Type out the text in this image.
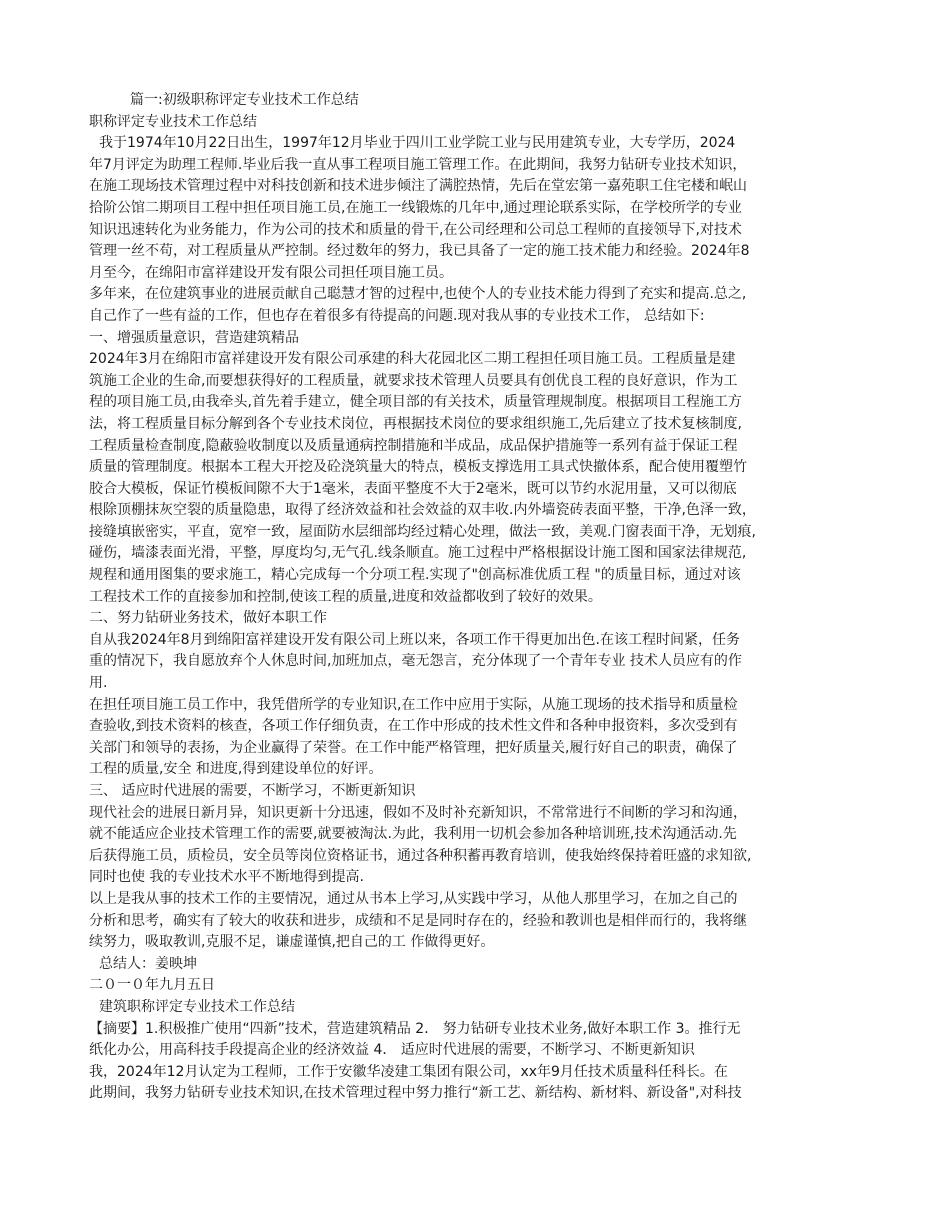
篇一:初级职称评定专业技术工作总结
职称评定专业技术工作总结
我于1974年10月22日出生，1997年12月毕业于四川工业学院工业与民用建筑专业，大专学历，2024
年7月评定为助理工程师.毕业后我一直从事工程项目施工管理工作。在此期间，我努力钻研专业技术知识，
在施工现场技术管理过程中对科技创新和技术进步倾注了满腔热情，先后在堂宏第一嘉苑职工住宅楼和岷山
拾阶公馆二期项目工程中担任项目施工员,在施工一线锻炼的几年中,通过理论联系实际，在学校所学的专业
知识迅速转化为业务能力，作为公司的技术和质量的骨干,在公司经理和公司总工程师的直接领导下,对技术
管理一丝不苟，对工程质量从严控制。经过数年的努力，我已具备了一定的施工技术能力和经验。2024年8
月至今，在绵阳市富祥建设开发有限公司担任项目施工员。
多年来，在位建筑事业的进展贡献自己聪慧才智的过程中,也使个人的专业技术能力得到了充实和提高.总之,
自己作了一些有益的工作，但也存在着很多有待提高的问题.现对我从事的专业技术工作， 总结如下:
一、增强质量意识，营造建筑精品
2024年3月在绵阳市富祥建设开发有限公司承建的科大花园北区二期工程担任项目施工员。工程质量是建
筑施工企业的生命,而要想获得好的工程质量，就要求技术管理人员要具有创优良工程的良好意识，作为工
程的项目施工员,由我牵头,首先着手建立，健全项目部的有关技术，质量管理规制度。根据项目工程施工方
法，将工程质量目标分解到各个专业技术岗位，再根据技术岗位的要求组织施工,先后建立了技术复核制度,
工程质量检查制度,隐蔽验收制度以及质量通病控制措施和半成品，成品保护措施等一系列有益于保证工程
质量的管理制度。根据本工程大开挖及砼浇筑量大的特点，模板支撑选用工具式快撤体系，配合使用覆塑竹
胶合大模板，保证竹模板间隙不大于1毫米，表面平整度不大于2毫米，既可以节约水泥用量，又可以彻底
根除顶棚抹灰空裂的质量隐患，取得了经济效益和社会效益的双丰收.内外墙瓷砖表面平整，干净,色泽一致，
接缝填嵌密实，平直，宽窄一致，屋面防水层细部均经过精心处理，做法一致，美观.门窗表面干净，无划痕,
碰伤，墙漆表面光滑，平整，厚度均匀,无气孔.线条顺直。施工过程中严格根据设计施工图和国家法律规范,
规程和通用图集的要求施工，精心完成每一个分项工程.实现了"创高标准优质工程 "的质量目标，通过对该
工程技术工作的直接参加和控制,使该工程的质量,进度和效益都收到了较好的效果。
二、努力钻研业务技术，做好本职工作
自从我2024年8月到绵阳富祥建设开发有限公司上班以来，各项工作干得更加出色.在该工程时间紧，任务
重的情况下，我自愿放弃个人休息时间,加班加点，毫无怨言，充分体现了一个青年专业 技术人员应有的作
用.
在担任项目施工员工作中，我凭借所学的专业知识,在工作中应用于实际，从施工现场的技术指导和质量检
查验收,到技术资料的核查，各项工作仔细负责，在工作中形成的技术性文件和各种申报资料，多次受到有
关部门和领导的表扬，为企业赢得了荣誉。在工作中能严格管理，把好质量关,履行好自己的职责，确保了
工程的质量,安全 和进度,得到建设单位的好评。
三、 适应时代进展的需要，不断学习，不断更新知识
现代社会的进展日新月异，知识更新十分迅速，假如不及时补充新知识，不常常进行不间断的学习和沟通，
就不能适应企业技术管理工作的需要,就要被淘汰.为此，我利用一切机会参加各种培训班,技术沟通活动.先
后获得施工员，质检员，安全员等岗位资格证书，通过各种积蓄再教育培训，使我始终保持着旺盛的求知欲,
同时也使 我的专业技术水平不断地得到提高.
以上是我从事的技术工作的主要情况，通过从书本上学习,从实践中学习，从他人那里学习，在加之自己的
分析和思考，确实有了较大的收获和进步，成绩和不足是同时存在的，经验和教训也是相伴而行的，我将继
续努力，吸取教训,克服不足，谦虚谨慎,把自己的工 作做得更好。
总结人：姜映坤
二０一０年九月五日
建筑职称评定专业技术工作总结
【摘要】1.积极推广使用“四新”技术，营造建筑精品 2． 努力钻研专业技术业务,做好本职工作 3。推行无
纸化办公，用高科技手段提高企业的经济效益 4． 适应时代进展的需要，不断学习、不断更新知识
我，2024年12月认定为工程师，工作于安徽华凌建工集团有限公司，xx年9月任技术质量科任科长。在
此期间，我努力钻研专业技术知识,在技术管理过程中努力推行“新工艺、新结构、新材料、新设备",对科技
